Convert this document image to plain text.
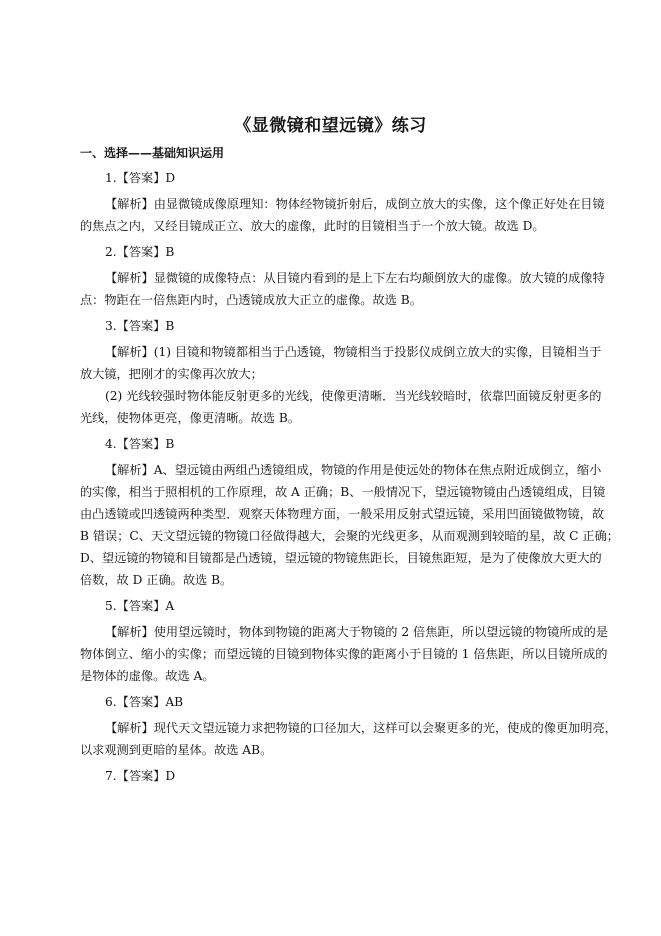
《显微镜和望远镜》练习
一、选择——基础知识运用
1.【答案】D
【解析】由显微镜成像原理知：物体经物镜折射后，成倒立放大的实像，这个像正好处在目镜
的焦点之内，又经目镜成正立、放大的虚像，此时的目镜相当于一个放大镜。故选 D。
2.【答案】B
【解析】显微镜的成像特点：从目镜内看到的是上下左右均颠倒放大的虚像。放大镜的成像特
点：物距在一倍焦距内时，凸透镜成放大正立的虚像。故选 B。
3.【答案】B
【解析】(1) 目镜和物镜都相当于凸透镜，物镜相当于投影仪成倒立放大的实像，目镜相当于
放大镜，把刚才的实像再次放大；
(2) 光线较强时物体能反射更多的光线，使像更清晰．当光线较暗时，依靠凹面镜反射更多的
光线，使物体更亮，像更清晰。故选 B。
4.【答案】B
【解析】A、望远镜由两组凸透镜组成，物镜的作用是使远处的物体在焦点附近成倒立，缩小
的实像，相当于照相机的工作原理，故 A 正确；B、一般情况下，望远镜物镜由凸透镜组成，目镜
由凸透镜或凹透镜两种类型．观察天体物理方面，一般采用反射式望远镜，采用凹面镜做物镜，故
B 错误；C、天文望远镜的物镜口径做得越大，会聚的光线更多，从而观测到较暗的星，故 C 正确；
D、望远镜的物镜和目镜都是凸透镜，望远镜的物镜焦距长，目镜焦距短，是为了使像放大更大的
倍数，故 D 正确。故选 B。
5.【答案】A
【解析】使用望远镜时，物体到物镜的距离大于物镜的 2 倍焦距，所以望远镜的物镜所成的是
物体倒立、缩小的实像；而望远镜的目镜到物体实像的距离小于目镜的 1 倍焦距，所以目镜所成的
是物体的虚像。故选 A。
6.【答案】AB
【解析】现代天文望远镜力求把物镜的口径加大，这样可以会聚更多的光，使成的像更加明亮，
以求观测到更暗的星体。故选 AB。
7.【答案】D
